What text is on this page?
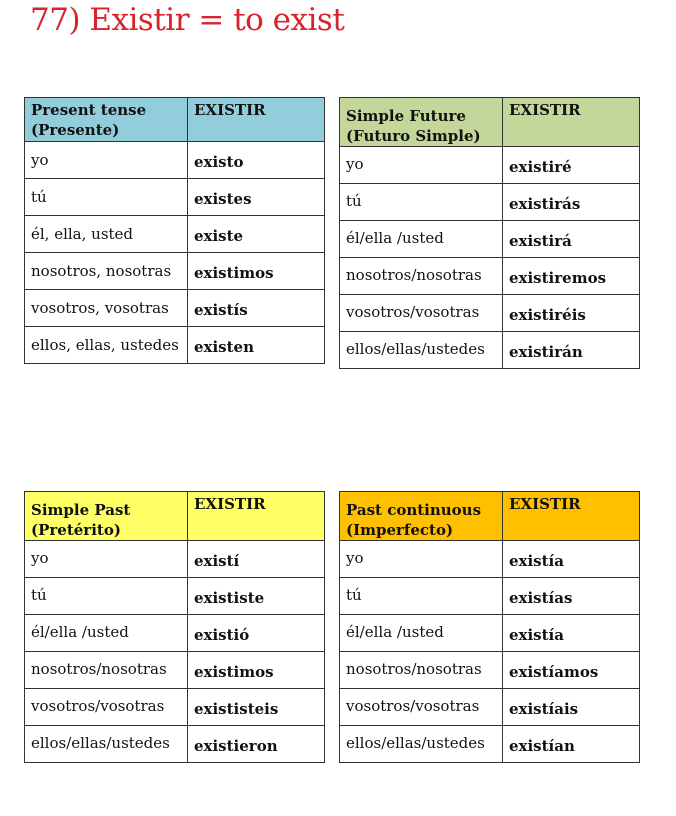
77) Existir = to exist
Present tense
(Presente)	EXISTIR
yo	existo
tú	existes
él, ella, usted	existe
nosotros, nosotras	existimos
vosotros, vosotras	existís
ellos, ellas, ustedes	existen
Simple Future
(Futuro Simple)	EXISTIR
yo	existiré
tú	existirás
él/ella /usted	existirá
nosotros/nosotras	existiremos
vosotros/vosotras	existiréis
ellos/ellas/ustedes	existirán
Simple Past
(Pretérito)	EXISTIR
yo	existí
tú	exististe
él/ella /usted	existió
nosotros/nosotras	existimos
vosotros/vosotras	exististeis
ellos/ellas/ustedes	existieron
Past continuous
(Imperfecto)	EXISTIR
yo	existía
tú	existías
él/ella /usted	existía
nosotros/nosotras	existíamos
vosotros/vosotras	existíais
ellos/ellas/ustedes	existían
